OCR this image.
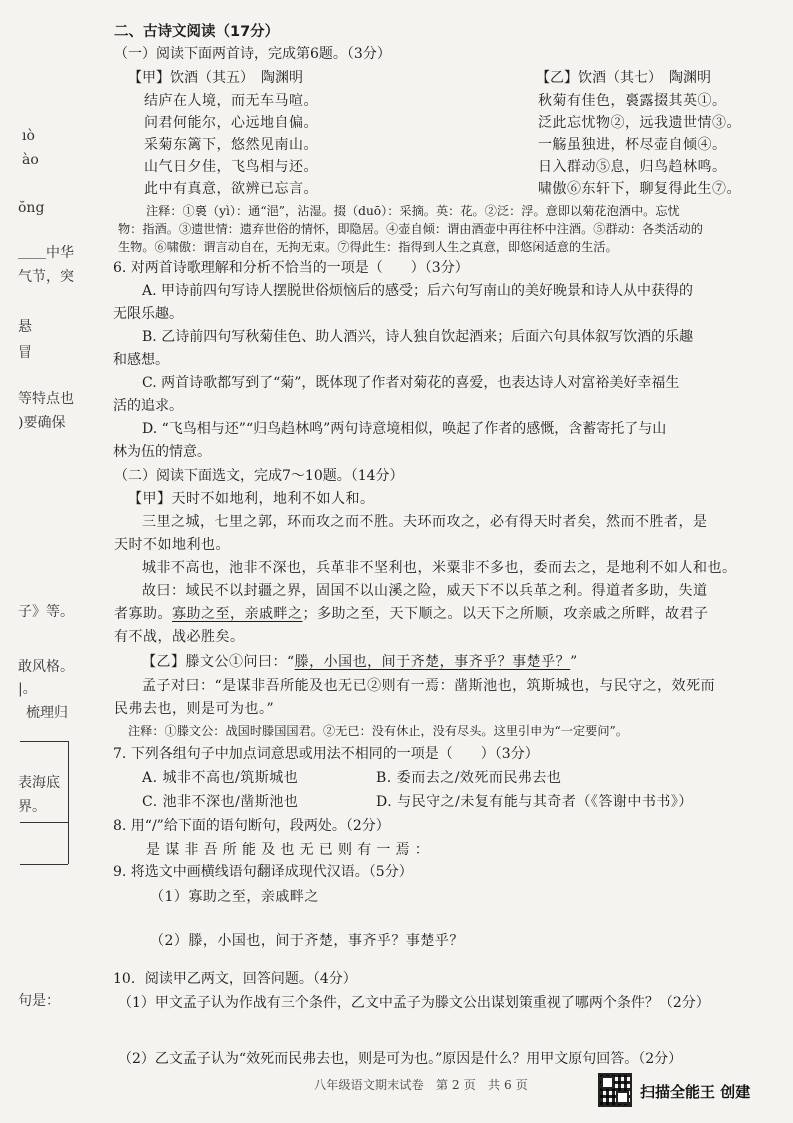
ıò
ào
ŏng
＿＿中华
气节，突
悬
冒
等特点也
)要确保
子》等。
敢风格。
|。
梳理归
表海底
界。
句是：
二、古诗文阅读（17分）
（一）阅读下面两首诗，完成第6题。（3分）
【甲】饮酒（其五）　陶渊明
结庐在人境，而无车马喧。
问君何能尔，心远地自偏。
采菊东篱下，悠然见南山。
山气日夕佳，飞鸟相与还。
此中有真意，欲辨已忘言。
【乙】饮酒（其七）　陶渊明
秋菊有佳色，裛露掇其英①。
泛此忘忧物②，远我遗世情③。
一觞虽独进，杯尽壶自倾④。
日入群动⑤息，归鸟趋林鸣。
啸傲⑥东轩下，聊复得此生⑦。
注释：①裛（yì）：通“浥”，沾湿。掇（duō）：采摘。英：花。②泛：浮。意即以菊花泡酒中。忘忧
物：指酒。③遗世情：遗弃世俗的情怀，即隐居。④壶自倾：谓由酒壶中再往杯中注酒。⑤群动：各类活动的
生物。⑥啸傲：谓言动自在，无拘无束。⑦得此生：指得到人生之真意，即悠闲适意的生活。
6. 对两首诗歌理解和分析不恰当的一项是（　　）（3分）
A. 甲诗前四句写诗人摆脱世俗烦恼后的感受；后六句写南山的美好晚景和诗人从中获得的
无限乐趣。
B. 乙诗前四句写秋菊佳色、助人酒兴，诗人独自饮起酒来；后面六句具体叙写饮酒的乐趣
和感想。
C. 两首诗歌都写到了“菊”，既体现了作者对菊花的喜爱，也表达诗人对富裕美好幸福生
活的追求。
D. “飞鸟相与还”“归鸟趋林鸣”两句诗意境相似，唤起了作者的感慨，含蓄寄托了与山
林为伍的情意。
（二）阅读下面选文，完成7～10题。（14分）
【甲】天时不如地利，地利不如人和。
三里之城，七里之郭，环而攻之而不胜。夫环而攻之，必有得天时者矣，然而不胜者，是
天时不如地利也。
城非不高也，池非不深也，兵革非不坚利也，米粟非不多也，委而去之，是地利不如人和也。
故曰：域民不以封疆之界，固国不以山溪之险，威天下不以兵革之利。得道者多助，失道
者寡助。寡助之至，亲戚畔之；多助之至，天下顺之。以天下之所顺，攻亲戚之所畔，故君子
有不战，战必胜矣。
【乙】滕文公①问曰：“滕，小国也，间于齐楚，事齐乎？事楚乎？”
孟子对曰：“是谋非吾所能及也无已②则有一焉：凿斯池也，筑斯城也，与民守之，效死而
民弗去也，则是可为也。”
注释：①滕文公：战国时滕国国君。②无已：没有休止，没有尽头。这里引申为“一定要问”。
7. 下列各组句子中加点词意思或用法不相同的一项是（　　）（3分）
A. 城非不高也/筑斯城也	B. 委而去之/效死而民弗去也
C. 池非不深也/凿斯池也	D. 与民守之/未复有能与其奇者（《答谢中书书》）
8. 用“/”给下面的语句断句，段两处。（2分）
是谋非吾所能及也无已则有一焉：
9. 将选文中画横线语句翻译成现代汉语。（5分）
（1）寡助之至，亲戚畔之
（2）滕，小国也，间于齐楚，事齐乎？事楚乎？
10．阅读甲乙两文，回答问题。（4分）
（1）甲文孟子认为作战有三个条件，乙文中孟子为滕文公出谋划策重视了哪两个条件？（2分）
（2）乙文孟子认为“效死而民弗去也，则是可为也。”原因是什么？用甲文原句回答。（2分）
八年级语文期末试卷　第 2 页　共 6 页	扫描全能王 创建
